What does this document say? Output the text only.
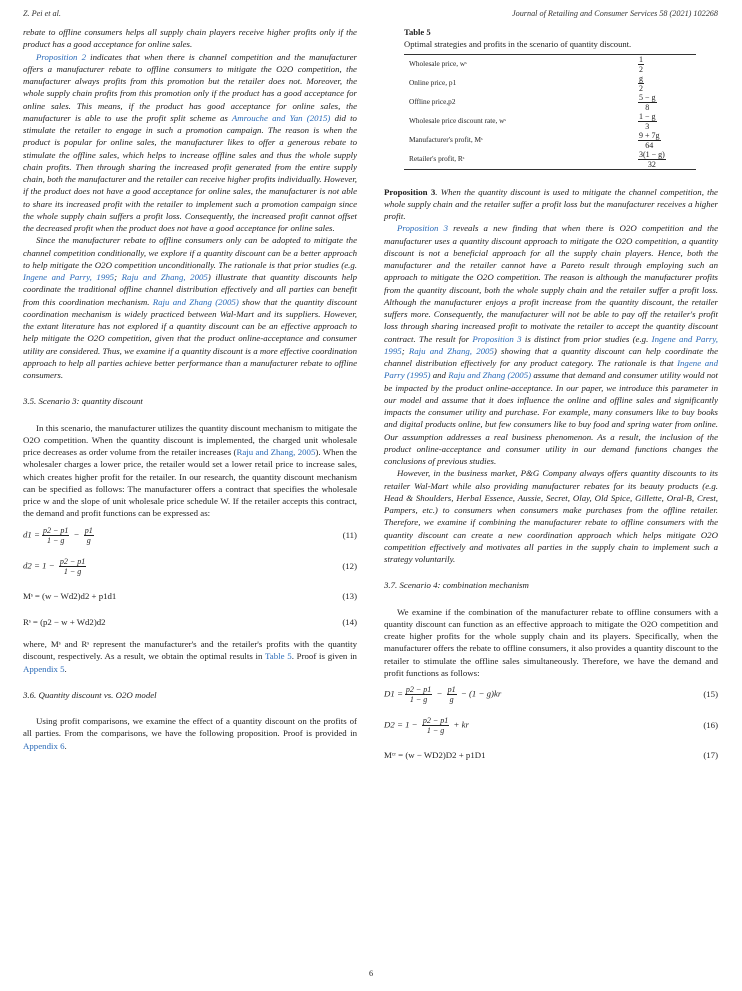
Z. Pei et al.	Journal of Retailing and Consumer Services 58 (2021) 102268

rebate to offline consumers helps all supply chain players receive higher profits only if the product has a good acceptance for online sales.

Proposition 2 indicates that when there is channel competition and the manufacturer offers a manufacturer rebate to offline consumers to mitigate the O2O competition, the manufacturer always profits from this promotion but the retailer does not. Moreover, the whole supply chain profits from this promotion only if the product has a good acceptance for online sales. This means, if the product has good acceptance for online sales, the manufacturer is able to use the profit split scheme as Amrouche and Yan (2015) did to stimulate the retailer to engage in such a promotion campaign. The reason is when the product is popular for online sales, the manufacturer likes to offer a generous rebate to stimulate the offline sales, which helps to increase offline sales and thus the whole supply chain profits. Then through sharing the increased profit generated from the entire supply chain, both the manufacturer and the retailer can receive higher profits individually. However, if the product does not have a good acceptance for online sales, the manufacturer is not able to share its increased profit with the retailer to implement such a promotion campaign since the whole supply chain suffers a profit loss. Consequently, the increased profit cannot offset the decreased profit when the product does not have a good acceptance for online sales.

Since the manufacturer rebate to offline consumers only can be adopted to mitigate the channel competition conditionally, we explore if a quantity discount can be a better approach to help mitigate the O2O competition unconditionally. The rationale is that prior studies (e.g. Ingene and Parry, 1995; Raju and Zhang, 2005) illustrate that quantity discounts help coordinate the traditional offline channel distribution effectively and all parties can benefit from this coordination mechanism. Raju and Zhang (2005) show that the quantity discount coordination mechanism is widely practiced between Wal-Mart and its suppliers. However, the extant literature has not explored if a quantity discount can be an effective approach to help mitigate the O2O competition, given that the product online-acceptance and consumer utility are considered. Thus, we examine if a quantity discount is a more effective coordination approach to help all parties achieve better performance than a manufacturer rebate to offline consumers.

3.5. Scenario 3: quantity discount

In this scenario, the manufacturer utilizes the quantity discount mechanism to mitigate the O2O competition. When the quantity discount is implemented, the charged unit wholesale price decreases as order volume from the retailer increases (Raju and Zhang, 2005). When the wholesaler charges a lower price, the retailer would set a lower retail price to increase sales, which creates higher profit for the retailer. In our research, the quantity discount mechanism can be specified as follows: The manufacturer offers a contract that specifies the wholesale price w and the slope of unit wholesale price schedule W. If the retailer accepts this contract, the demand and profit functions can be expressed as:

$d1 = \frac{p2 - p1}{1 - g} - \frac{p1}{g}$	(11)
$d2 = 1 - \frac{p2 - p1}{1 - g}$	(12)
Mˢ = (w − Wd2)d2 + p1d1	(13)
Rˢ = (p2 − w + Wd2)d2	(14)

where, Mˢ and Rˢ represent the manufacturer's and the retailer's profits with the quantity discount, respectively. As a result, we obtain the optimal results in Table 5. Proof is given in Appendix 5.

3.6. Quantity discount vs. O2O model

Using profit comparisons, we examine the effect of a quantity discount on the profits of all parties. From the comparisons, we have the following proposition. Proof is provided in Appendix 6.

Table 5
Optimal strategies and profits in the scenario of quantity discount.
Wholesale price, wˢ	$\frac{1}{2}$

Online price, p1	$\frac{g}{2}$

Offline price,p2	$\frac{5 - g}{8}$

Wholesale price discount rate, wˢ	$\frac{1 - g}{3}$

Manufacturer's profit, Mˢ	$\frac{9 + 7g}{64}$

Retailer's profit, Rˢ	$\frac{3(1 - g)}{32}$

Proposition 3. When the quantity discount is used to mitigate the channel competition, the whole supply chain and the retailer suffer a profit loss but the manufacturer receives a higher profit.

Proposition 3 reveals a new finding that when there is O2O competition and the manufacturer uses a quantity discount approach to mitigate the O2O competition, a quantity discount is not a beneficial approach for all the supply chain players. Hence, both the manufacturer and the retailer cannot have a Pareto result through employing such an approach to mitigate the O2O competition. The reason is although the manufacturer profits from the quantity discount, both the whole supply chain and the retailer suffer a profit loss. Although the manufacturer enjoys a profit increase from the quantity discount, the retailer suffers more. Consequently, the manufacturer will not be able to pay off the retailer's profit loss through sharing increased profit to motivate the retailer to accept the quantity discount contract. The result for Proposition 3 is distinct from prior studies (e.g. Ingene and Parry, 1995; Raju and Zhang, 2005) showing that a quantity discount can help coordinate the channel distribution effectively for any product category. The rationale is that Ingene and Parry (1995) and Raju and Zhang (2005) assume that demand and consumer utility would not be impacted by the product online-acceptance. In our paper, we introduce this parameter in our model and assume that it does influence the online and offline sales and significantly impacts the consumer utility and purchase. For example, many consumers like to buy books and digital products online, but few consumers like to buy food and spring water from online. Our assumption addresses a real business phenomenon. As a result, the inclusion of the product online-acceptance and consumer utility in our demand functions changes the conclusions of previous studies.

However, in the business market, P&G Company always offers quantity discounts to its retailer Wal-Mart while also providing manufacturer rebates for its beauty products (e.g. Head & Shoulders, Herbal Essence, Aussie, Secret, Olay, Old Spice, Gillette, Oral-B, Crest, Pampers, etc.) to consumers when consumers make purchases from the offline retailer. Therefore, we examine if combining the manufacturer rebate to offline consumers with the quantity discount can create a new coordination approach which helps mitigate O2O competition effectively and motivates all parties in the supply chain to implement such a strategy voluntarily.

3.7. Scenario 4: combination mechanism

We examine if the combination of the manufacturer rebate to offline consumers with a quantity discount can function as an effective approach to mitigate the O2O competition and create higher profits for the whole supply chain and its players. Specifically, when the manufacturer offers the rebate to offline consumers, it also provides a quantity discount to the retailer to stimulate the offline sales simultaneously. Therefore, we have the demand and profit functions as follows:

$D1 = \frac{p2 - p1}{1 - g} - \frac{p1}{g} - (1 - g)kr$	(15)
$D2 = 1 - \frac{p2 - p1}{1 - g}$ + kr	(16)
Mᶜʳ = (w − WD2)D2 + p1D1	(17)
6
